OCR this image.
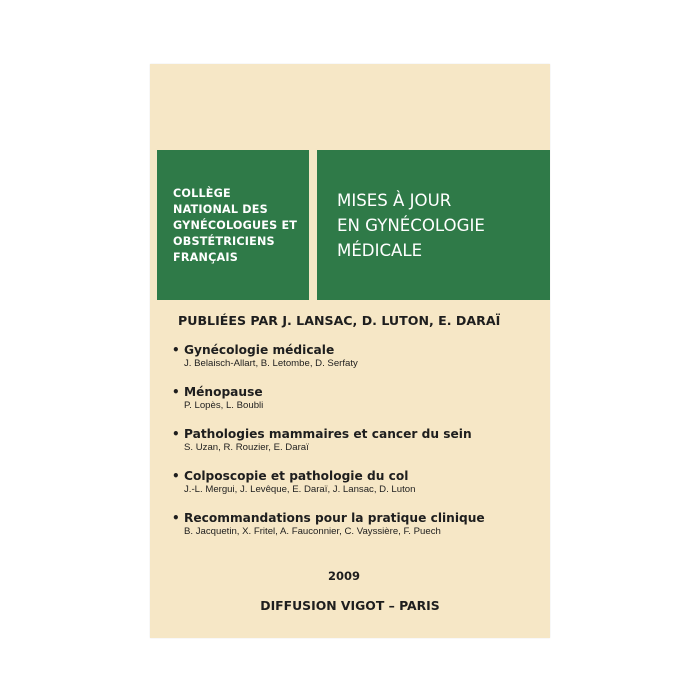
COLLÈGE
NATIONAL DES
GYNÉCOLOGUES ET
OBSTÉTRICIENS
FRANÇAIS
MISES À JOUR
EN GYNÉCOLOGIE
MÉDICALE
PUBLIÉES PAR J. LANSAC, D. LUTON, E. DARAÏ
• Gynécologie médicale
J. Belaisch-Allart, B. Letombe, D. Serfaty
• Ménopause
P. Lopès, L. Boubli
• Pathologies mammaires et cancer du sein
S. Uzan, R. Rouzier, E. Daraï
• Colposcopie et pathologie du col
J.-L. Mergui, J. Levêque, E. Daraï, J. Lansac, D. Luton
• Recommandations pour la pratique clinique
B. Jacquetin, X. Fritel, A. Fauconnier, C. Vayssière, F. Puech
2009
DIFFUSION VIGOT – PARIS
